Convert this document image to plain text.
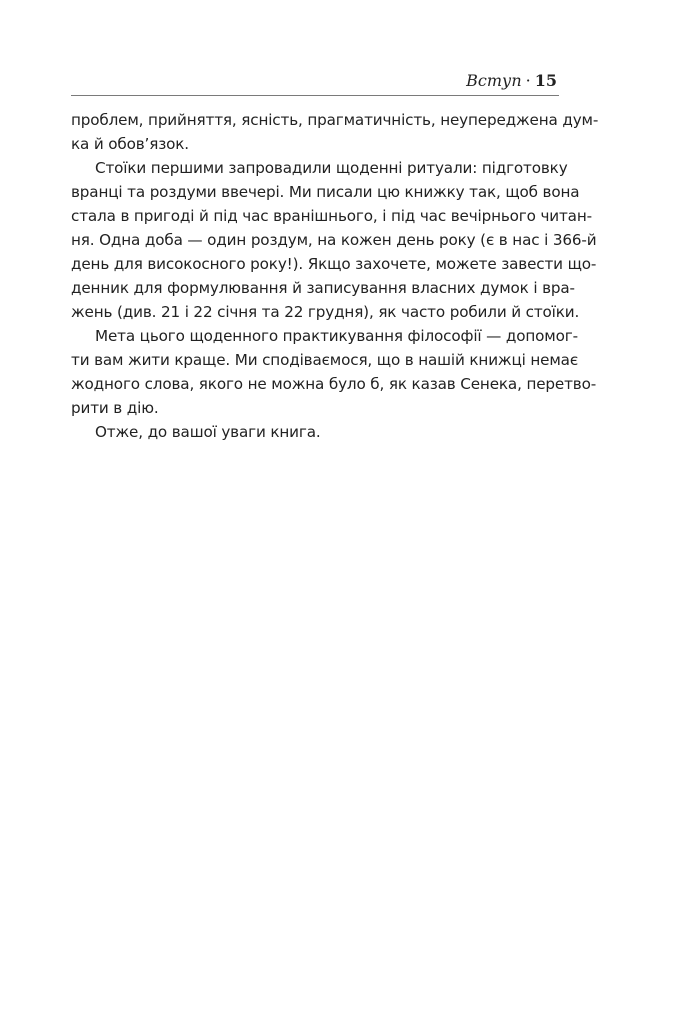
Вступ · 15
проблем, прийняття, ясність, прагматичність, неупереджена дум-
ка й обов’язок.
Стоїки першими запровадили щоденні ритуали: підготовку
вранці та роздуми ввечері. Ми писали цю книжку так, щоб вона
стала в пригоді й під час вранішнього, і під час вечірнього читан-
ня. Одна доба — один роздум, на кожен день року (є в нас і 366-й
день для високосного року!). Якщо захочете, можете завести що-
денник для формулювання й записування власних думок і вра-
жень (див. 21 і 22 січня та 22 грудня), як часто робили й стоїки.
Мета цього щоденного практикування філософії — допомог-
ти вам жити краще. Ми сподіваємося, що в нашій книжці немає
жодного слова, якого не можна було б, як казав Сенека, перетво-
рити в дію.
Отже, до вашої уваги книга.
